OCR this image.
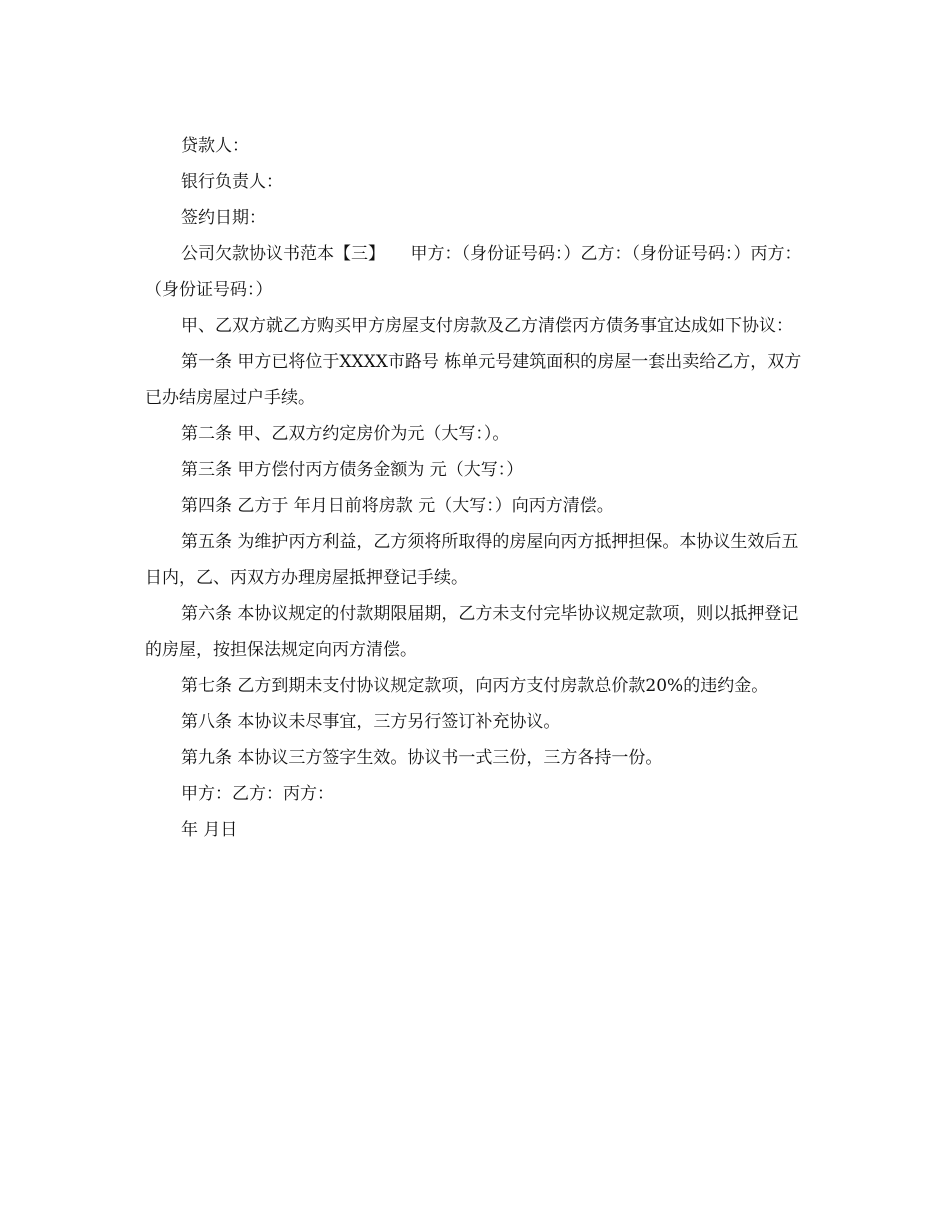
贷款人：

银行负责人：

签约日期：

公司欠款协议书范本【三】　　甲方：（身份证号码：）乙方：（身份证号码：）丙方：（身份证号码：）

甲、乙双方就乙方购买甲方房屋支付房款及乙方清偿丙方债务事宜达成如下协议：

第一条 甲方已将位于XXXX市路号 栋单元号建筑面积的房屋一套出卖给乙方，双方已办结房屋过户手续。

第二条 甲、乙双方约定房价为元（大写：）。

第三条 甲方偿付丙方债务金额为 元（大写：）

第四条 乙方于 年月日前将房款 元（大写：）向丙方清偿。

第五条 为维护丙方利益，乙方须将所取得的房屋向丙方抵押担保。本协议生效后五日内，乙、丙双方办理房屋抵押登记手续。

第六条 本协议规定的付款期限届期，乙方未支付完毕协议规定款项，则以抵押登记的房屋，按担保法规定向丙方清偿。

第七条 乙方到期未支付协议规定款项，向丙方支付房款总价款20%的违约金。

第八条 本协议未尽事宜，三方另行签订补充协议。

第九条 本协议三方签字生效。协议书一式三份，三方各持一份。

甲方：乙方：丙方：

年 月日
